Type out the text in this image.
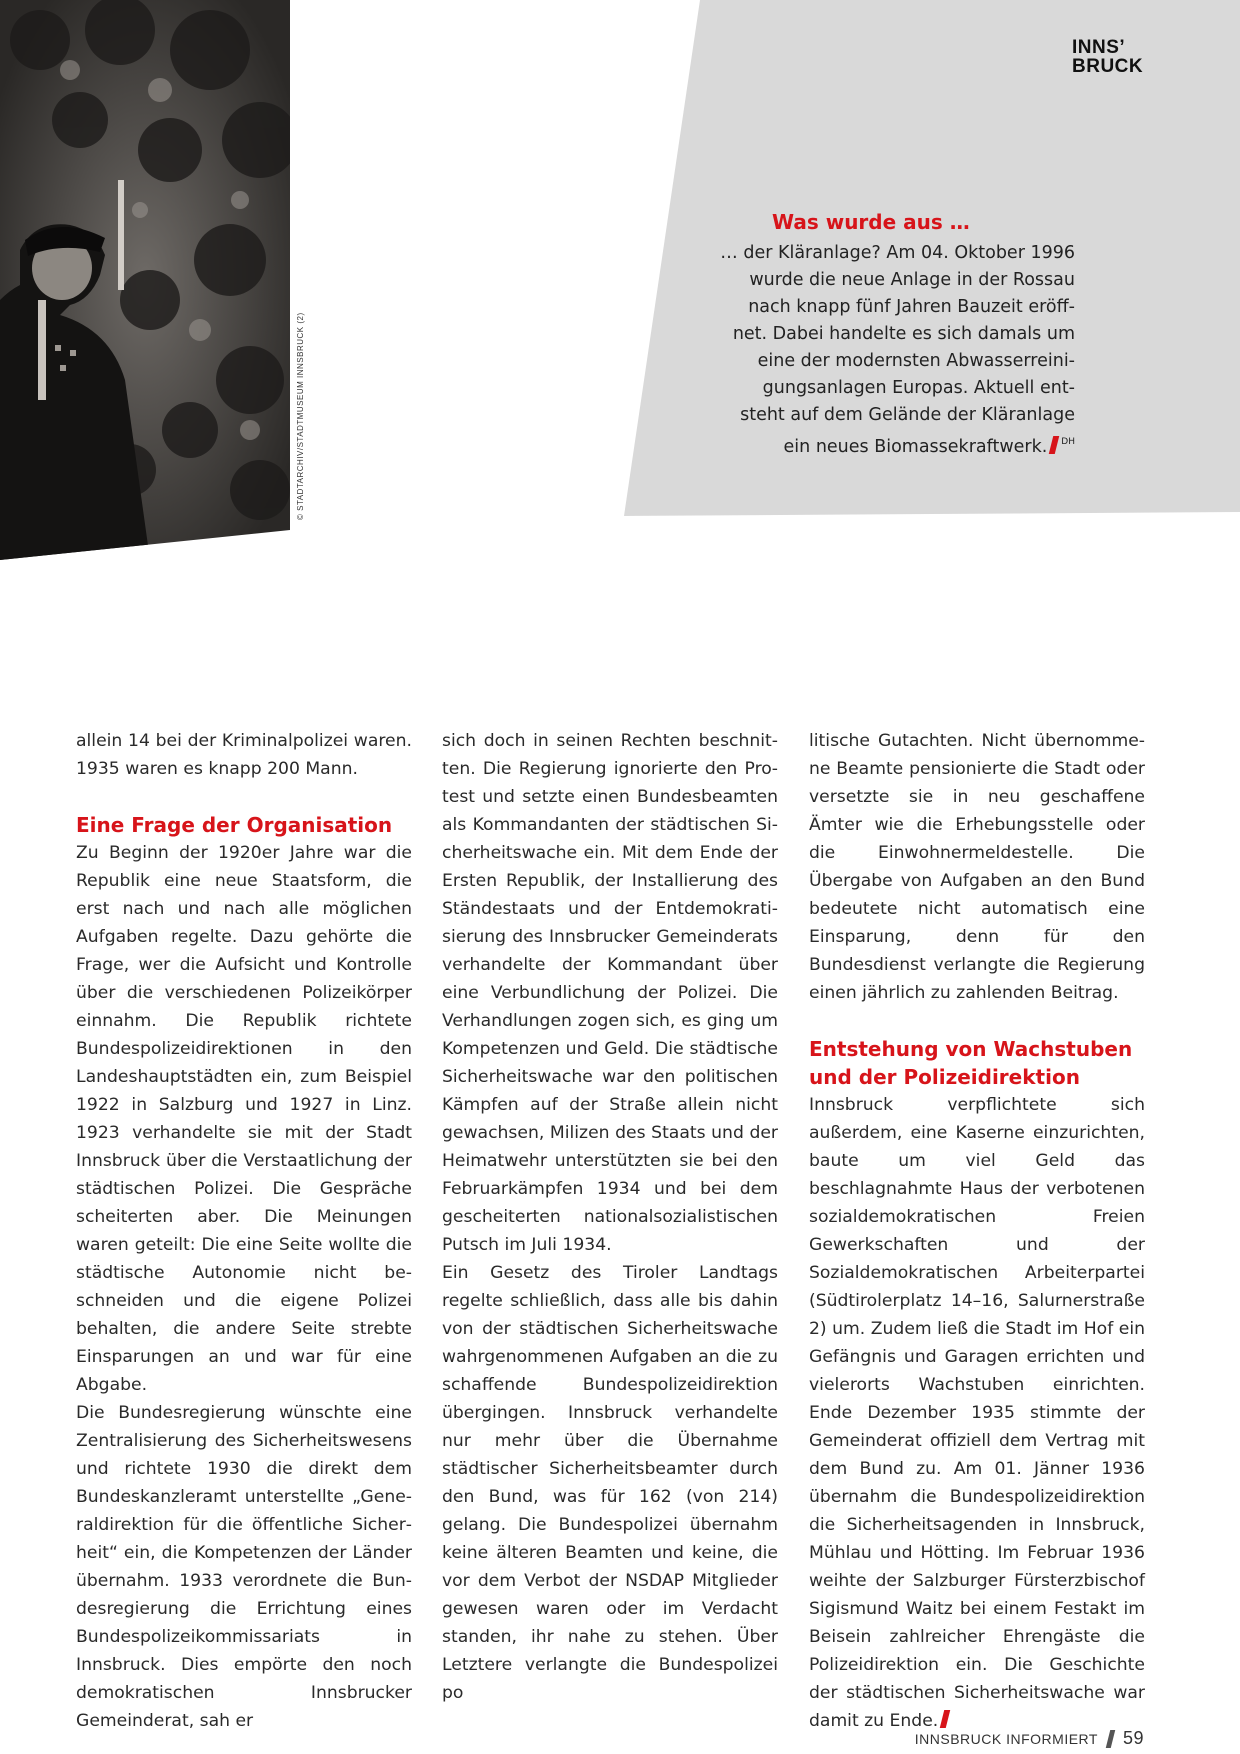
© STADTARCHIV/STADTMUSEUM INNSBRUCK (2)
INNS’
BRUCK
Was wurde aus …
… der Kläranlage? Am 04. Oktober 1996
wurde die neue Anlage in der Rossau
nach knapp fünf Jahren Bauzeit eröff-
net. Dabei handelte es sich damals um
eine der modernsten Abwasserreini-
gungsanlagen Europas. Aktuell ent-
steht auf dem Gelände der Kläranlage
ein neues Biomassekraftwerk. $^{DH}$

allein 14 bei der Kriminalpolizei waren. 1935 waren es knapp 200 Mann.

Eine Frage der Organisation

Zu Beginn der 1920er Jahre war die Republik eine neue Staatsform, die erst nach und nach alle möglichen Aufgaben regelte. Dazu gehörte die Frage, wer die Aufsicht und Kontrolle über die verschiedenen Polizeikörper einnahm. Die Republik richtete Bundespolizeidirektionen in den Landeshauptstädten ein, zum Beispiel 1922 in Salzburg und 1927 in Linz. 1923 verhandelte sie mit der Stadt Innsbruck über die Verstaatlichung der städtischen Polizei. Die Gespräche scheiterten aber. Die Meinungen waren geteilt: Die eine Seite wollte die städtische Autonomie nicht beschneiden und die eigene Polizei behalten, die andere Seite strebte Einsparungen an und war für eine Abgabe.

Die Bundesregierung wünschte eine Zentralisierung des Sicherheitswesens und richtete 1930 die direkt dem Bundeskanzleramt unterstellte „Generaldirektion für die öffentliche Sicherheit“ ein, die Kompetenzen der Länder übernahm. 1933 verordnete die Bundesregierung die Errichtung eines Bundespolizeikommissariats in Innsbruck. Dies empörte den noch demokratischen Innsbrucker Gemeinderat, sah er

sich doch in seinen Rechten beschnitten. Die Regierung ignorierte den Protest und setzte einen Bundesbeamten als Kommandanten der städtischen Sicherheitswache ein. Mit dem Ende der Ersten Republik, der Installierung des Ständestaats und der Entdemokratisierung des Innsbrucker Gemeinderats verhandelte der Kommandant über eine Verbundlichung der Polizei. Die Verhandlungen zogen sich, es ging um Kompetenzen und Geld. Die städtische Sicherheitswache war den politischen Kämpfen auf der Straße allein nicht gewachsen, Milizen des Staats und der Heimatwehr unterstützten sie bei den Februarkämpfen 1934 und bei dem gescheiterten nationalsozialistischen Putsch im Juli 1934.

Ein Gesetz des Tiroler Landtags regelte schließlich, dass alle bis dahin von der städtischen Sicherheitswache wahrgenommenen Aufgaben an die zu schaffende Bundespolizeidirektion übergingen. Innsbruck verhandelte nur mehr über die Übernahme städtischer Sicherheitsbeamter durch den Bund, was für 162 (von 214) gelang. Die Bundespolizei übernahm keine älteren Beamten und keine, die vor dem Verbot der NSDAP Mitglieder gewesen waren oder im Verdacht standen, ihr nahe zu stehen. Über Letztere verlangte die Bundespolizei po

litische Gutachten. Nicht übernommene Beamte pensionierte die Stadt oder versetzte sie in neu geschaffene Ämter wie die Erhebungsstelle oder die Einwohnermeldestelle. Die Übergabe von Aufgaben an den Bund bedeutete nicht automatisch eine Einsparung, denn für den Bundesdienst verlangte die Regierung einen jährlich zu zahlenden Beitrag.

Entstehung von Wachstuben
und der Polizeidirektion

Innsbruck verpflichtete sich außerdem, eine Kaserne einzurichten, baute um viel Geld das beschlagnahmte Haus der verbotenen sozialdemokratischen Freien Gewerkschaften und der Sozialdemokratischen Arbeiterpartei (Südtirolerplatz 14–16, Salurnerstraße 2) um. Zudem ließ die Stadt im Hof ein Gefängnis und Garagen errichten und vielerorts Wachstuben einrichten. Ende Dezember 1935 stimmte der Gemeinderat offiziell dem Vertrag mit dem Bund zu. Am 01. Jänner 1936 übernahm die Bundespolizeidirektion die Sicherheitsagenden in Innsbruck, Mühlau und Hötting. Im Februar 1936 weihte der Salzburger Fürsterzbischof Sigismund Waitz bei einem Festakt im Beisein zahlreicher Ehrengäste die Polizeidirektion ein. Die Geschichte der städtischen Sicherheitswache war damit zu Ende.

INNSBRUCK INFORMIERT 59
